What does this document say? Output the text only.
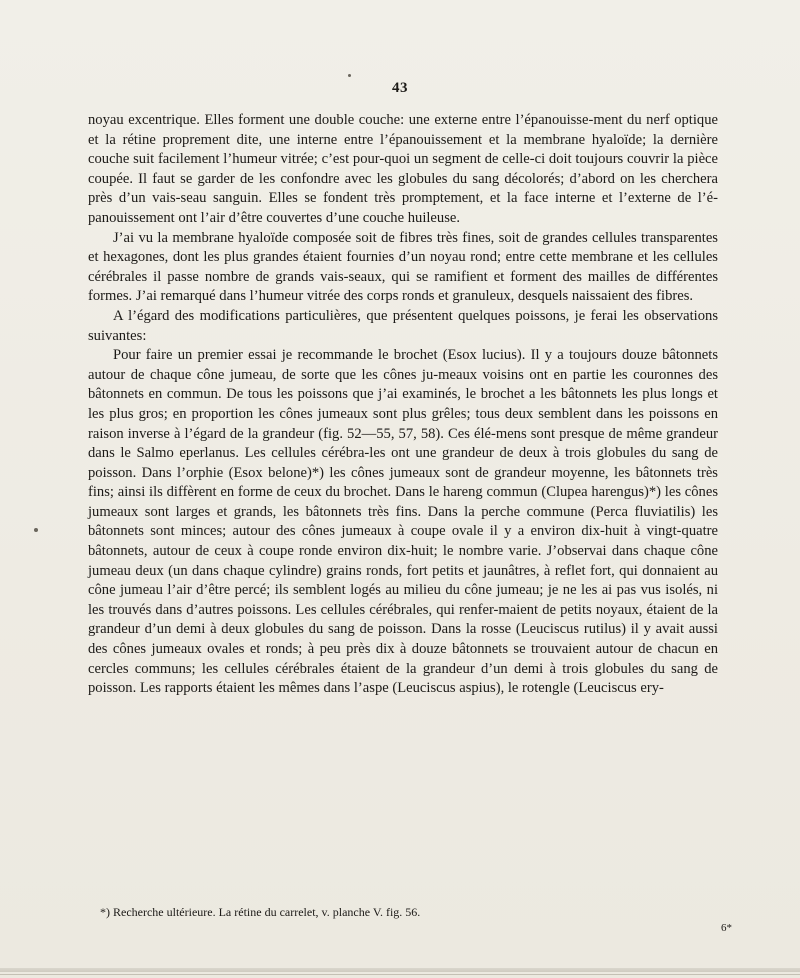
43

noyau excentrique. Elles forment une double couche: une externe entre l’épanouisse-ment du nerf optique et la rétine proprement dite, une interne entre l’épanouissement et la membrane hyaloïde; la dernière couche suit facilement l’humeur vitrée; c’est pour-quoi un segment de celle-ci doit toujours couvrir la pièce coupée. Il faut se garder de les confondre avec les globules du sang décolorés; d’abord on les cherchera près d’un vais-seau sanguin. Elles se fondent très promptement, et la face interne et l’externe de l’é-panouissement ont l’air d’être couvertes d’une couche huileuse.

J’ai vu la membrane hyaloïde composée soit de fibres très fines, soit de grandes cellules transparentes et hexagones, dont les plus grandes étaient fournies d’un noyau rond; entre cette membrane et les cellules cérébrales il passe nombre de grands vais-seaux, qui se ramifient et forment des mailles de différentes formes. J’ai remarqué dans l’humeur vitrée des corps ronds et granuleux, desquels naissaient des fibres.

A l’égard des modifications particulières, que présentent quelques poissons, je ferai les observations suivantes:

Pour faire un premier essai je recommande le brochet (Esox lucius). Il y a toujours douze bâtonnets autour de chaque cône jumeau, de sorte que les cônes ju-meaux voisins ont en partie les couronnes des bâtonnets en commun. De tous les poissons que j’ai examinés, le brochet a les bâtonnets les plus longs et les plus gros; en proportion les cônes jumeaux sont plus grêles; tous deux semblent dans les poissons en raison inverse à l’égard de la grandeur (fig. 52—55, 57, 58). Ces élé-mens sont presque de même grandeur dans le Salmo eperlanus. Les cellules cérébra-les ont une grandeur de deux à trois globules du sang de poisson. Dans l’orphie (Esox belone)*) les cônes jumeaux sont de grandeur moyenne, les bâtonnets très fins; ainsi ils diffèrent en forme de ceux du brochet. Dans le hareng commun (Clupea harengus)*) les cônes jumeaux sont larges et grands, les bâtonnets très fins. Dans la perche commune (Perca fluviatilis) les bâtonnets sont minces; autour des cônes jumeaux à coupe ovale il y a environ dix-huit à vingt-quatre bâtonnets, autour de ceux à coupe ronde environ dix-huit; le nombre varie. J’observai dans chaque cône jumeau deux (un dans chaque cylindre) grains ronds, fort petits et jaunâtres, à reflet fort, qui donnaient au cône jumeau l’air d’être percé; ils semblent logés au milieu du cône jumeau; je ne les ai pas vus isolés, ni les trouvés dans d’autres poissons. Les cellules cérébrales, qui renfer-maient de petits noyaux, étaient de la grandeur d’un demi à deux globules du sang de poisson. Dans la rosse (Leuciscus rutilus) il y avait aussi des cônes jumeaux ovales et ronds; à peu près dix à douze bâtonnets se trouvaient autour de chacun en cercles communs; les cellules cérébrales étaient de la grandeur d’un demi à trois globules du sang de poisson. Les rapports étaient les mêmes dans l’aspe (Leuciscus aspius), le rotengle (Leuciscus ery-

*) Recherche ultérieure. La rétine du carrelet, v. planche V. fig. 56.
6*
